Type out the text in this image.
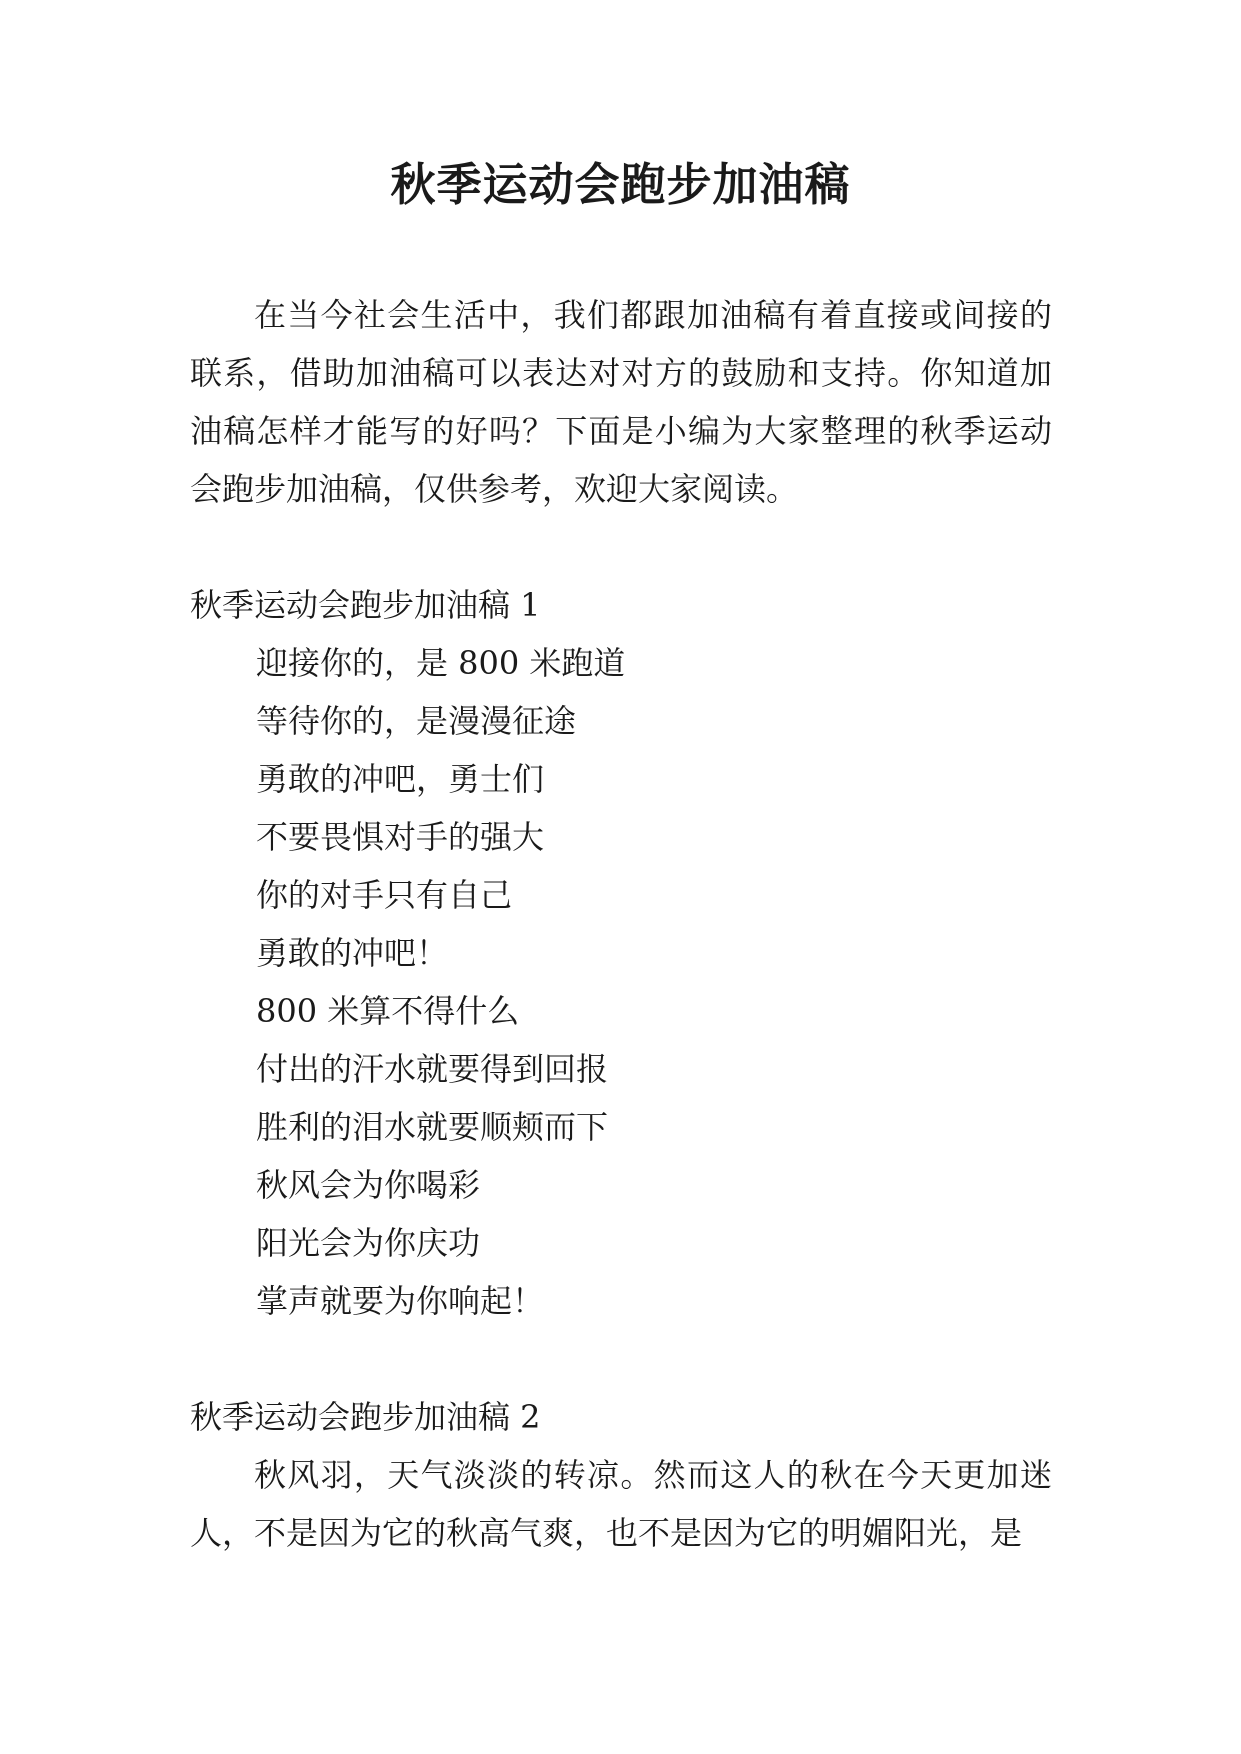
秋季运动会跑步加油稿

在当今社会生活中，我们都跟加油稿有着直接或间接的联系，借助加油稿可以表达对对方的鼓励和支持。你知道加油稿怎样才能写的好吗？下面是小编为大家整理的秋季运动会跑步加油稿，仅供参考，欢迎大家阅读。

秋季运动会跑步加油稿 1

迎接你的，是 800 米跑道

等待你的，是漫漫征途

勇敢的冲吧，勇士们

不要畏惧对手的强大

你的对手只有自己

勇敢的冲吧！

800 米算不得什么

付出的汗水就要得到回报

胜利的泪水就要顺颊而下

秋风会为你喝彩

阳光会为你庆功

掌声就要为你响起！

秋季运动会跑步加油稿 2

秋风羽，天气淡淡的转凉。然而这人的秋在今天更加迷人，不是因为它的秋高气爽，也不是因为它的明媚阳光，是
